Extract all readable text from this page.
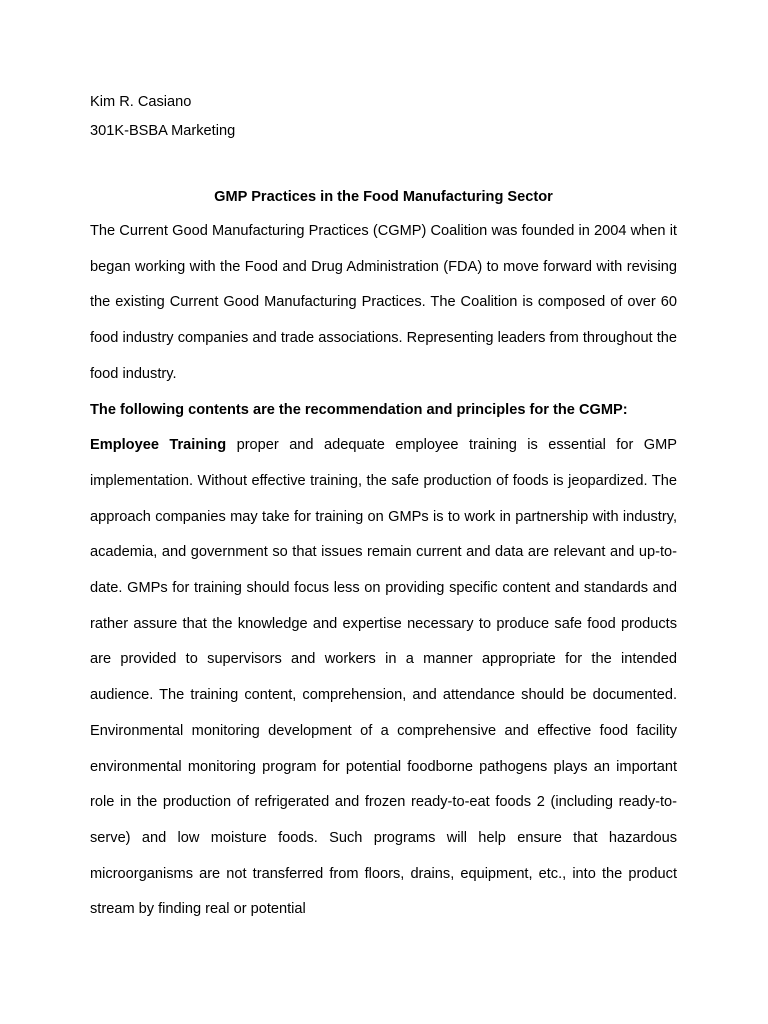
Kim R. Casiano

301K-BSBA Marketing

GMP Practices in the Food Manufacturing Sector

The Current Good Manufacturing Practices (CGMP) Coalition was founded in 2004 when it began working with the Food and Drug Administration (FDA) to move forward with revising the existing Current Good Manufacturing Practices. The Coalition is composed of over 60 food industry companies and trade associations. Representing leaders from throughout the food industry.

The following contents are the recommendation and principles for the CGMP:

Employee Training proper and adequate employee training is essential for GMP implementation. Without effective training, the safe production of foods is jeopardized. The approach companies may take for training on GMPs is to work in partnership with industry, academia, and government so that issues remain current and data are relevant and up-to-date. GMPs for training should focus less on providing specific content and standards and rather assure that the knowledge and expertise necessary to produce safe food products are provided to supervisors and workers in a manner appropriate for the intended audience. The training content, comprehension, and attendance should be documented. Environmental monitoring development of a comprehensive and effective food facility environmental monitoring program for potential foodborne pathogens plays an important role in the production of refrigerated and frozen ready-to-eat foods 2 (including ready-to-serve) and low moisture foods. Such programs will help ensure that hazardous microorganisms are not transferred from floors, drains, equipment, etc., into the product stream by finding real or potential
